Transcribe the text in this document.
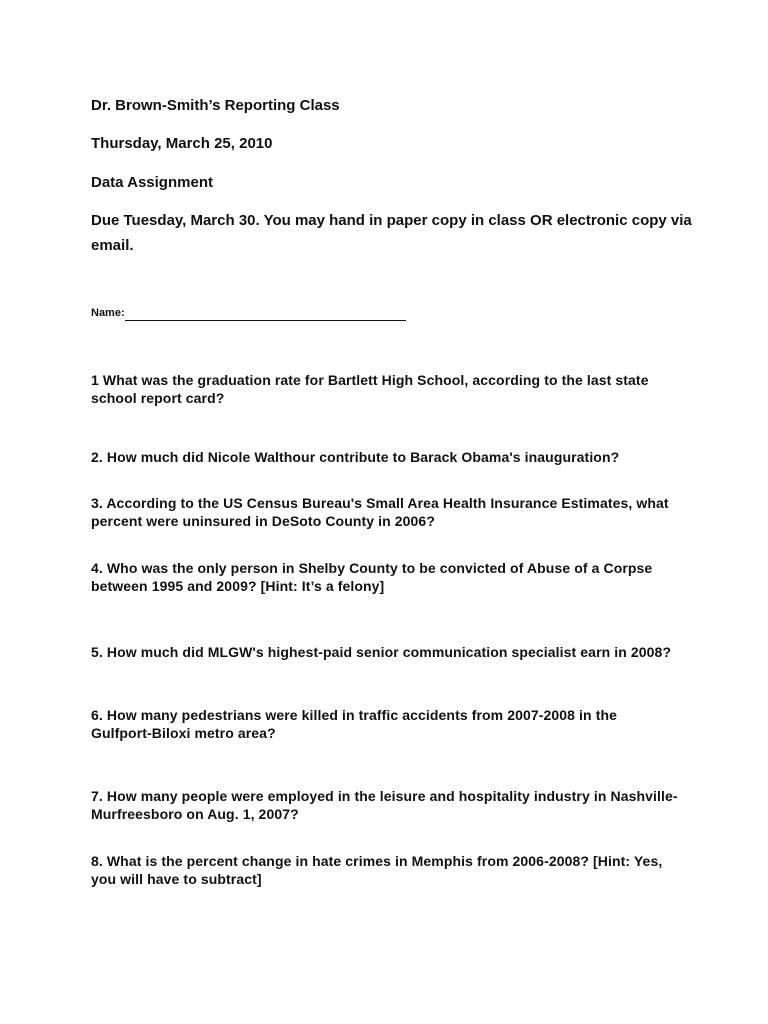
Dr. Brown-Smith’s Reporting Class
Thursday, March 25, 2010
Data Assignment
Due Tuesday, March 30. You may hand in paper copy in class OR electronic copy via email.
Name:
1 What was the graduation rate for Bartlett High School, according to the last state school report card?
2. How much did Nicole Walthour contribute to Barack Obama's inauguration?
3. According to the US Census Bureau's Small Area Health Insurance Estimates, what percent were uninsured in DeSoto County in 2006?
4. Who was the only person in Shelby County to be convicted of Abuse of a Corpse between 1995 and 2009? [Hint: It’s a felony]
5. How much did MLGW's highest-paid senior communication specialist earn in 2008?
6. How many pedestrians were killed in traffic accidents from 2007-2008 in the Gulfport-Biloxi metro area?
7. How many people were employed in the leisure and hospitality industry in Nashville-Murfreesboro on Aug. 1, 2007?
8. What is the percent change in hate crimes in Memphis from 2006-2008? [Hint: Yes, you will have to subtract]
